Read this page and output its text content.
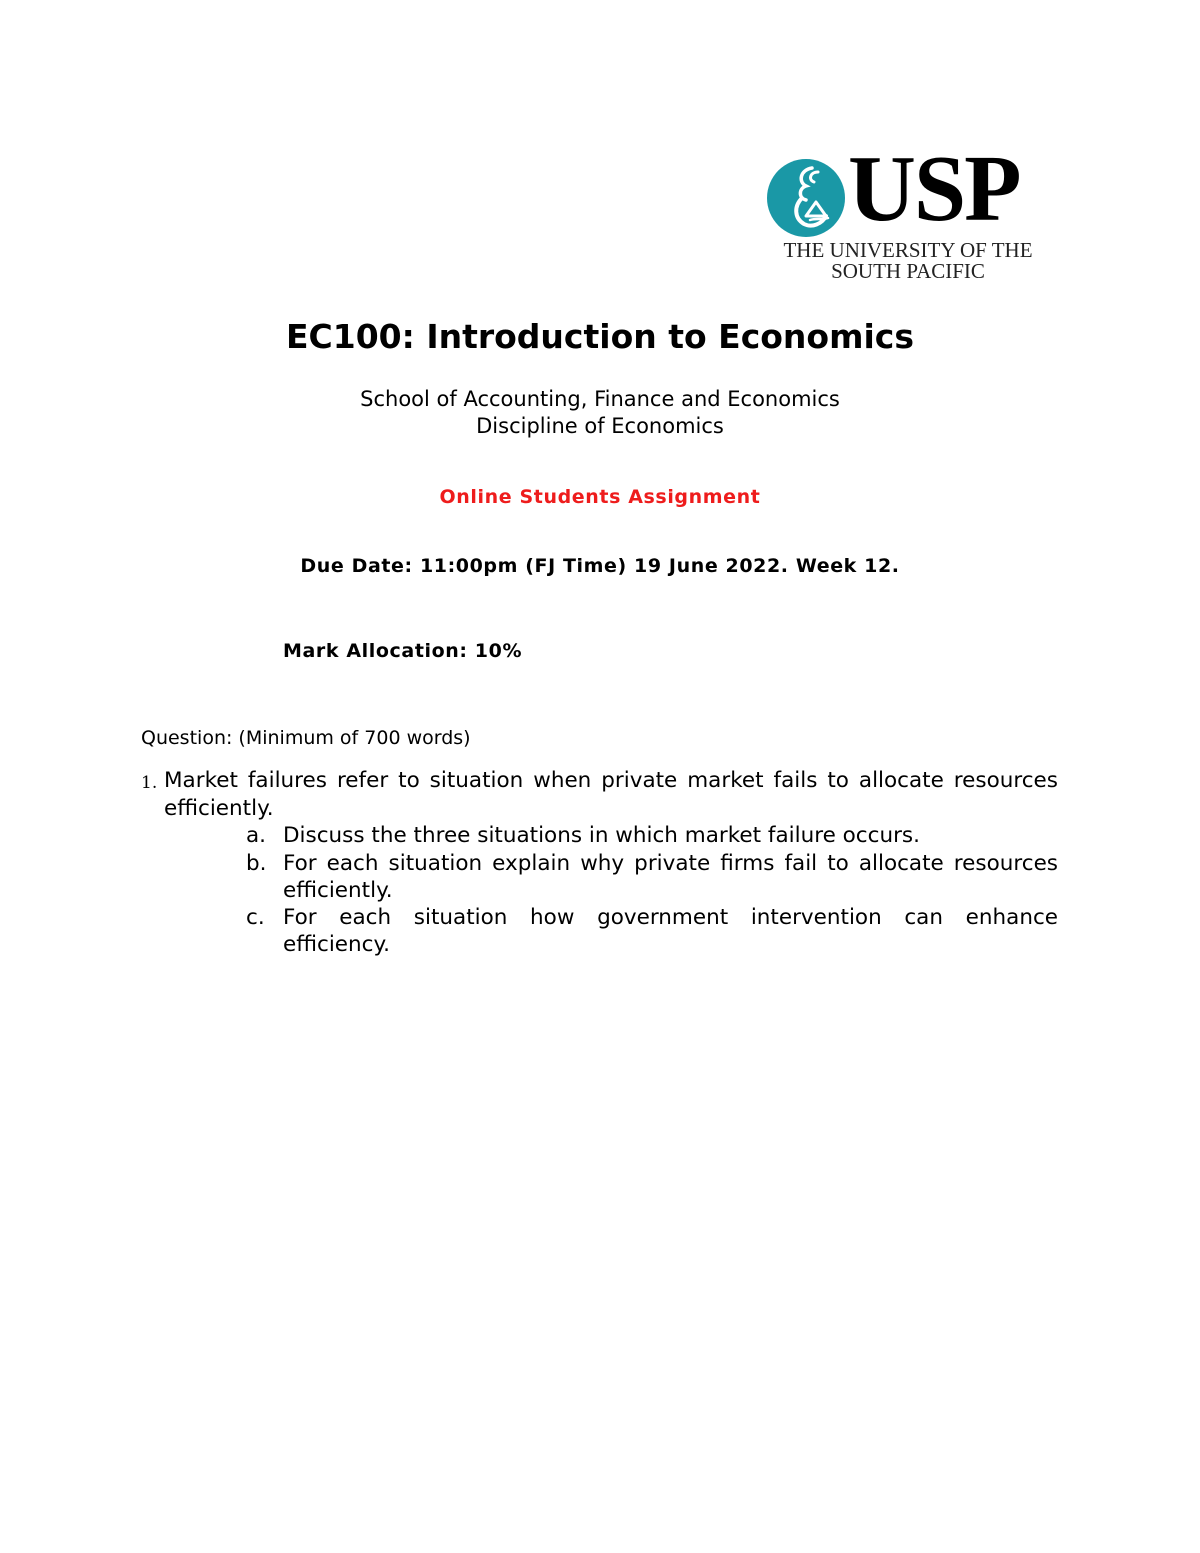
USP
THE UNIVERSITY OF THE
SOUTH PACIFIC
EC100: Introduction to Economics
School of Accounting, Finance and Economics
Discipline of Economics
Online Students Assignment
Due Date: 11:00pm (FJ Time) 19 June 2022. Week 12.
Mark Allocation: 10%
Question: (Minimum of 700 words)
1. Market failures refer to situation when private market fails to allocate resources efficiently.
a. Discuss the three situations in which market failure occurs.
b. For each situation explain why private firms fail to allocate resources efficiently.
c. For each situation how government intervention can enhance efficiency.
